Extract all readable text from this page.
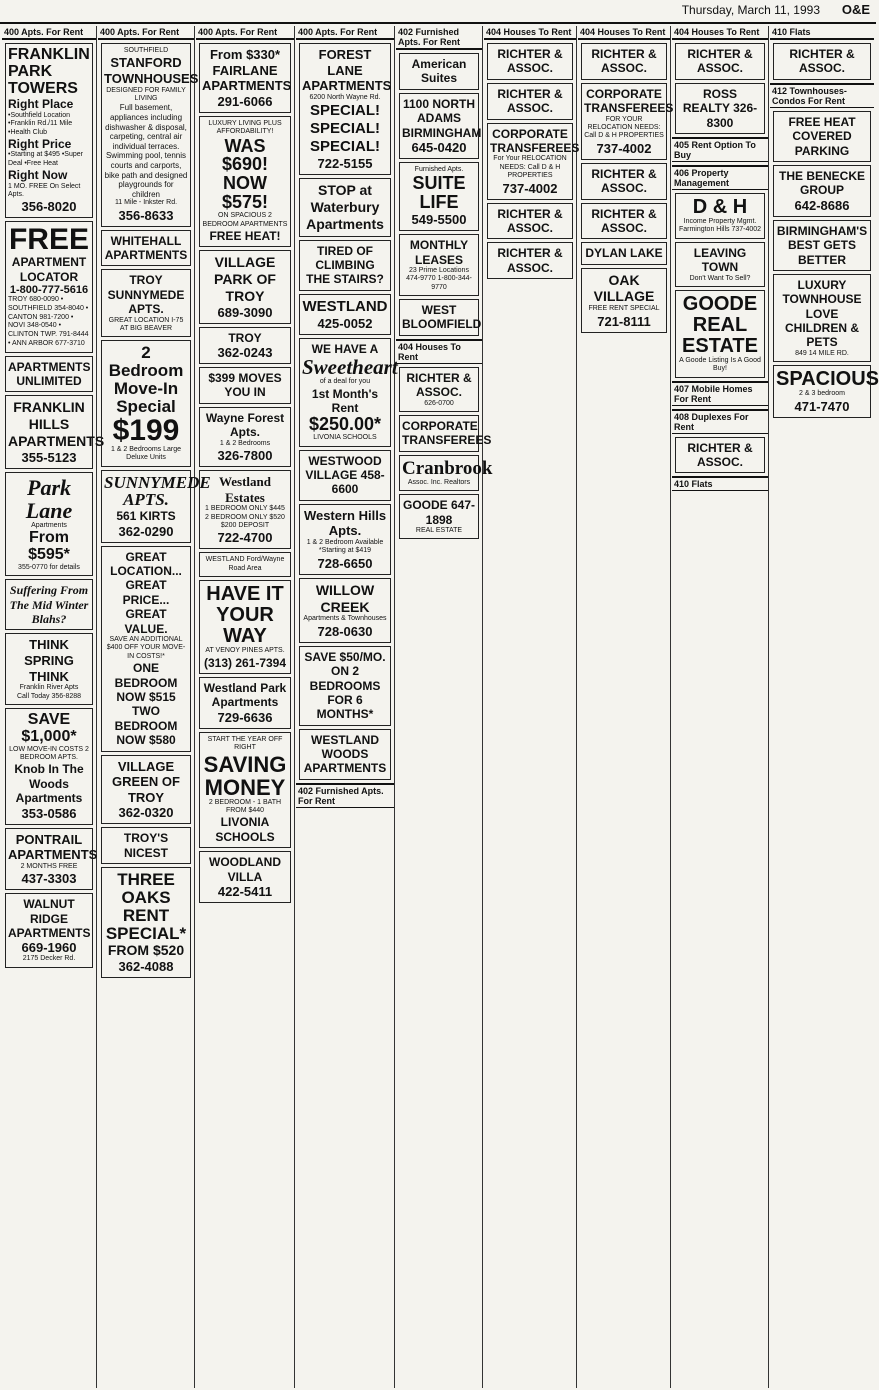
Thursday, March 11, 1993 O&E
400 Apts. For Rent
FRANKLIN PARK TOWERS
Right Place
•Southfield Location •Franklin Rd./11 Mile •Health Club
Right Price
•Starting at $495 •Super Deal •Free Heat
Right Now
1 MO. FREE On Select Apts.
356-8020
FREE
APARTMENT LOCATOR
1-800-777-5616
TROY 680-0090 • SOUTHFIELD 354-8040 • CANTON 981-7200 • NOVI 348-0540 • CLINTON TWP. 791-8444 • ANN ARBOR 677-3710
APARTMENTS UNLIMITED
FRANKLIN HILLS APARTMENTS
355-5123
Park Lane
Apartments
From $595*
355-0770 for details
Suffering From The Mid Winter Blahs?
THINK SPRING THINK
Franklin River Apts
Call Today 356-8288
SAVE $1,000*
LOW MOVE-IN COSTS 2 BEDROOM APTS.
Knob In The Woods Apartments
353-0586
PONTRAIL APARTMENTS
2 MONTHS FREE
437-3303
WALNUT RIDGE APARTMENTS
669-1960
2175 Decker Rd.
400 Apts. For Rent
SOUTHFIELD
STANFORD TOWNHOUSES
DESIGNED FOR FAMILY LIVING
Full basement, appliances including dishwasher & disposal, carpeting, central air individual terraces. Swimming pool, tennis courts and carports, bike path and designed playgrounds for children
11 Mile - Inkster Rd.
356-8633
WHITEHALL APARTMENTS
TROY SUNNYMEDE APTS.
GREAT LOCATION I-75 AT BIG BEAVER
2 Bedroom Move-In Special
$199
1 & 2 Bedrooms Large Deluxe Units
SUNNYMEDE APTS.
561 KIRTS
362-0290
GREAT LOCATION... GREAT PRICE... GREAT VALUE.
SAVE AN ADDITIONAL $400 OFF YOUR MOVE-IN COSTS!*
ONE BEDROOM NOW $515
TWO BEDROOM NOW $580
VILLAGE GREEN OF TROY
362-0320
TROY'S NICEST
THREE OAKS RENT SPECIAL*
FROM $520
362-4088
400 Apts. For Rent
From $330* FAIRLANE APARTMENTS
291-6066
LUXURY LIVING PLUS AFFORDABILITY!
WAS $690!
NOW $575!
ON SPACIOUS 2 BEDROOM APARTMENTS
FREE HEAT!
VILLAGE PARK OF TROY
689-3090
TROY
362-0243
$399 MOVES YOU IN
Wayne Forest Apts.
1 & 2 Bedrooms
326-7800
Westland Estates
1 BEDROOM ONLY $445
2 BEDROOM ONLY $520
$200 DEPOSIT
722-4700
WESTLAND Ford/Wayne Road Area
HAVE IT YOUR WAY
AT VENOY PINES APTS.
(313) 261-7394
Westland Park Apartments
729-6636
START THE YEAR OFF RIGHT
SAVING MONEY
2 BEDROOM - 1 BATH FROM $440
LIVONIA SCHOOLS
WOODLAND VILLA
422-5411
400 Apts. For Rent
FOREST LANE APARTMENTS
6200 North Wayne Rd.
SPECIAL! SPECIAL! SPECIAL!
722-5155
STOP at Waterbury Apartments
TIRED OF CLIMBING THE STAIRS?
WESTLAND
425-0052
WE HAVE A
Sweetheart
of a deal for you
1st Month's Rent
$250.00*
LIVONIA SCHOOLS
WESTWOOD VILLAGE 458-6600
Western Hills Apts.
1 & 2 Bedroom Available *Starting at $419
728-6650
WILLOW CREEK
Apartments & Townhouses
728-0630
SAVE $50/MO. ON 2 BEDROOMS FOR 6 MONTHS*
WESTLAND WOODS APARTMENTS
402 Furnished Apts. For Rent
402 Furnished Apts. For Rent
American Suites
1100 NORTH ADAMS BIRMINGHAM
645-0420
Furnished Apts.
SUITE LIFE
549-5500
MONTHLY LEASES
23 Prime Locations
474-9770 1-800-344-9770
WEST BLOOMFIELD
404 Houses To Rent
RICHTER & ASSOC.
626-0700
CORPORATE TRANSFEREES
Cranbrook
Assoc. Inc. Realtors
GOODE 647-1898
REAL ESTATE
404 Houses To Rent
RICHTER & ASSOC.
RICHTER & ASSOC.
CORPORATE TRANSFEREES
For Your RELOCATION NEEDS: Call D & H PROPERTIES
737-4002
RICHTER & ASSOC.
RICHTER & ASSOC.
404 Houses To Rent
RICHTER & ASSOC.
CORPORATE TRANSFEREES
FOR YOUR RELOCATION NEEDS: Call D & H PROPERTIES
737-4002
RICHTER & ASSOC.
RICHTER & ASSOC.
DYLAN LAKE
OAK VILLAGE
FREE RENT SPECIAL
721-8111
404 Houses To Rent
RICHTER & ASSOC.
ROSS REALTY 326-8300
405 Rent Option To Buy
406 Property Management
D & H
Income Property Mgmt.
Farmington Hills 737-4002
LEAVING TOWN
Don't Want To Sell?
GOODE REAL ESTATE
A Goode Listing Is A Good Buy!
407 Mobile Homes For Rent
408 Duplexes For Rent
RICHTER & ASSOC.
410 Flats
410 Flats
RICHTER & ASSOC.
412 Townhouses- Condos For Rent
FREE HEAT COVERED PARKING
THE BENECKE GROUP
642-8686
BIRMINGHAM'S BEST GETS BETTER
LUXURY TOWNHOUSE LOVE CHILDREN & PETS
849 14 MILE RD.
SPACIOUS
2 & 3 bedroom
471-7470
